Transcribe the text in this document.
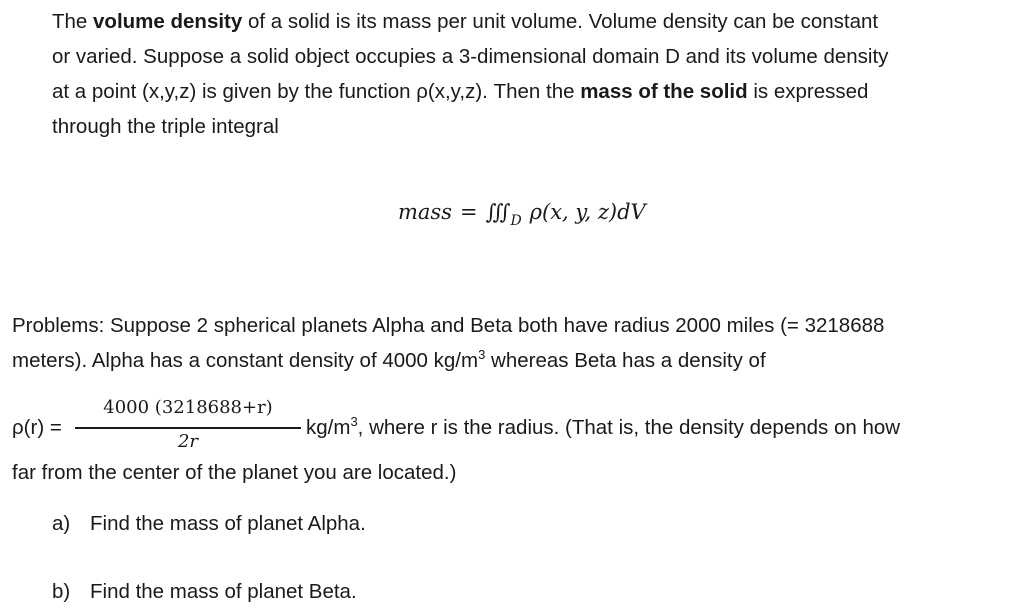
The volume density of a solid is its mass per unit volume. Volume density can be constant
or varied. Suppose a solid object occupies a 3-dimensional domain D and its volume density
at a point (x,y,z) is given by the function ρ(x,y,z). Then the mass of the solid is expressed
through the triple integral
mass = $∭_D$ ρ(x, y, z)dV
Problems: Suppose 2 spherical planets Alpha and Beta both have radius 2000 miles (= 3218688
meters). Alpha has a constant density of 4000 $kg/m^3$ whereas Beta has a density of
ρ(r) =
4000 (3218688+r)
2r
$kg/m^3$, where r is the radius. (That is, the density depends on how
far from the center of the planet you are located.)
a) Find the mass of planet Alpha.
b) Find the mass of planet Beta.
